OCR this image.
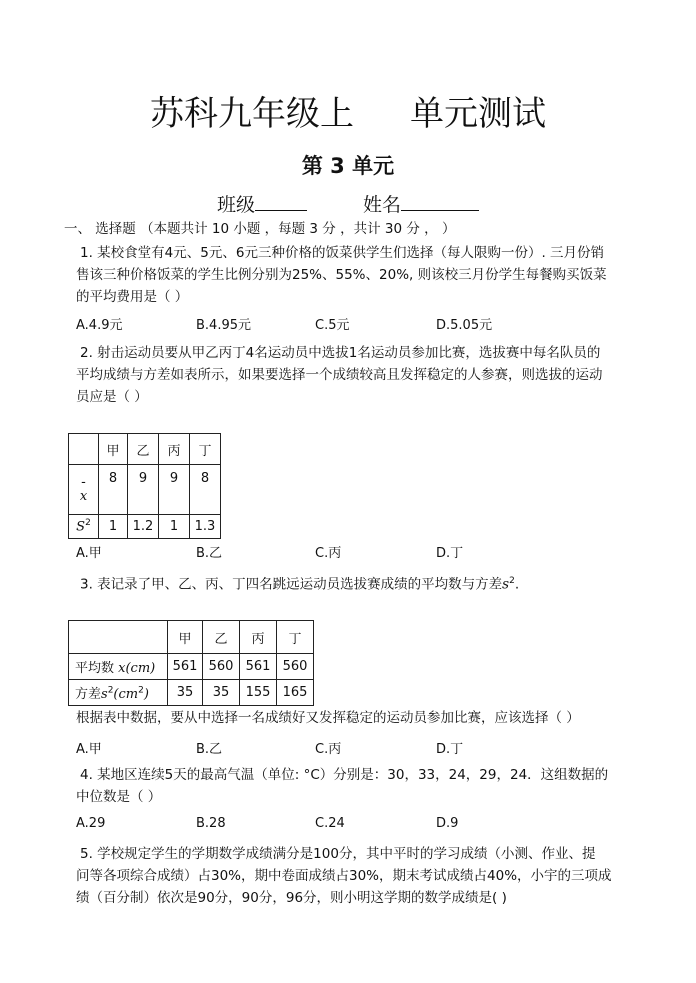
苏科九年级上 单元测试
第 3 单元
班级	姓名
一、 选择题 （本题共计 10 小题 ，每题 3 分 ，共计 30 分 ， ）
1. 某校食堂有4元、5元、6元三种价格的饭菜供学生们选择（每人限购一份）. 三月份销
售该三种价格饭菜的学生比例分别为25%、55%、20%, 则该校三月份学生每餐购买饭菜
的平均费用是（ ）
A.4.9元	B.4.95元	C.5元	D.5.05元
2. 射击运动员要从甲乙丙丁4名运动员中选拔1名运动员参加比赛，选拔赛中每名队员的
平均成绩与方差如表所示，如果要选择一个成绩较高且发挥稳定的人参赛，则选拔的运动
员应是（ ）
	甲	乙	丙	丁

-
x	8	9	9	8
$S^2$	1	1.2	1	1.3
A.甲	B.乙	C.丙	D.丁
3. 表记录了甲、乙、丙、丁四名跳远运动员选拔赛成绩的平均数与方差$s^2$.
	甲	乙	丙	丁
平均数 x(cm)	561	560	561	560
方差$s^2(cm^2)$	35	35	155	165
根据表中数据，要从中选择一名成绩好又发挥稳定的运动员参加比赛，应该选择（ ）
A.甲	B.乙	C.丙	D.丁
4. 某地区连续5天的最高气温（单位: °C）分别是：30，33，24，29，24．这组数据的
中位数是（ ）
A.29	B.28	C.24	D.9
5. 学校规定学生的学期数学成绩满分是100分，其中平时的学习成绩（小测、作业、提
问等各项综合成绩）占30%，期中卷面成绩占30%，期末考试成绩占40%，小宇的三项成
绩（百分制）依次是90分，90分，96分，则小明这学期的数学成绩是( )
